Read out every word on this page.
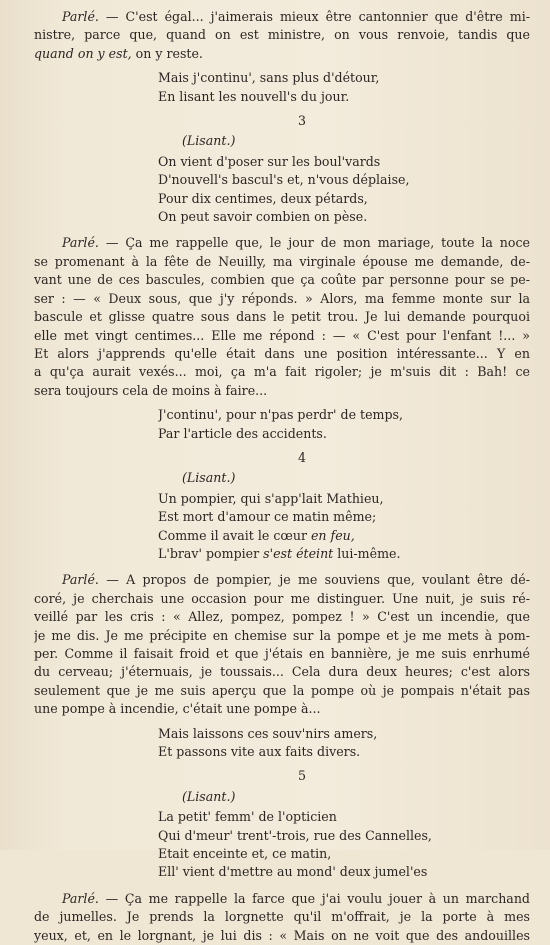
Parlé. — C'est égal... j'aimerais mieux être cantonnier que d'être mi-
nistre, parce que, quand on est ministre, on vous renvoie, tandis que
quand on y est, on y reste.
Mais j'continu', sans plus d'détour,
En lisant les nouvell's du jour.
3
(Lisant.)
On vient d'poser sur les boul'vards
D'nouvell's bascul's et, n'vous déplaise,
Pour dix centimes, deux pétards,
On peut savoir combien on pèse.
Parlé. — Ça me rappelle que, le jour de mon mariage, toute la noce
se promenant à la fête de Neuilly, ma virginale épouse me demande, de-
vant une de ces bascules, combien que ça coûte par personne pour se pe-
ser : — « Deux sous, que j'y réponds. » Alors, ma femme monte sur la
bascule et glisse quatre sous dans le petit trou. Je lui demande pourquoi
elle met vingt centimes... Elle me répond : — « C'est pour l'enfant !... »
Et alors j'apprends qu'elle était dans une position intéressante... Y en
a qu'ça aurait vexés... moi, ça m'a fait rigoler; je m'suis dit : Bah! ce
sera toujours cela de moins à faire...
J'continu', pour n'pas perdr' de temps,
Par l'article des accidents.
4
(Lisant.)
Un pompier, qui s'app'lait Mathieu,
Est mort d'amour ce matin même;
Comme il avait le cœur en feu,
L'brav' pompier s'est éteint lui-même.
Parlé. — A propos de pompier, je me souviens que, voulant être dé-
coré, je cherchais une occasion pour me distinguer. Une nuit, je suis ré-
veillé par les cris : « Allez, pompez, pompez ! » C'est un incendie, que
je me dis. Je me précipite en chemise sur la pompe et je me mets à pom-
per. Comme il faisait froid et que j'étais en bannière, je me suis enrhumé
du cerveau; j'éternuais, je toussais... Cela dura deux heures; c'est alors
seulement que je me suis aperçu que la pompe où je pompais n'était pas
une pompe à incendie, c'était une pompe à...
Mais laissons ces souv'nirs amers,
Et passons vite aux faits divers.
5
(Lisant.)
La petit' femm' de l'opticien
Qui d'meur' trent'-trois, rue des Cannelles,
Etait enceinte et, ce matin,
Ell' vient d'mettre au mond' deux jumel'es
Parlé. — Ça me rappelle la farce que j'ai voulu jouer à un marchand
de jumelles. Je prends la lorgnette qu'il m'offrait, je la porte à mes
yeux, et, en le lorgnant, je lui dis : « Mais on ne voit que des andouilles
